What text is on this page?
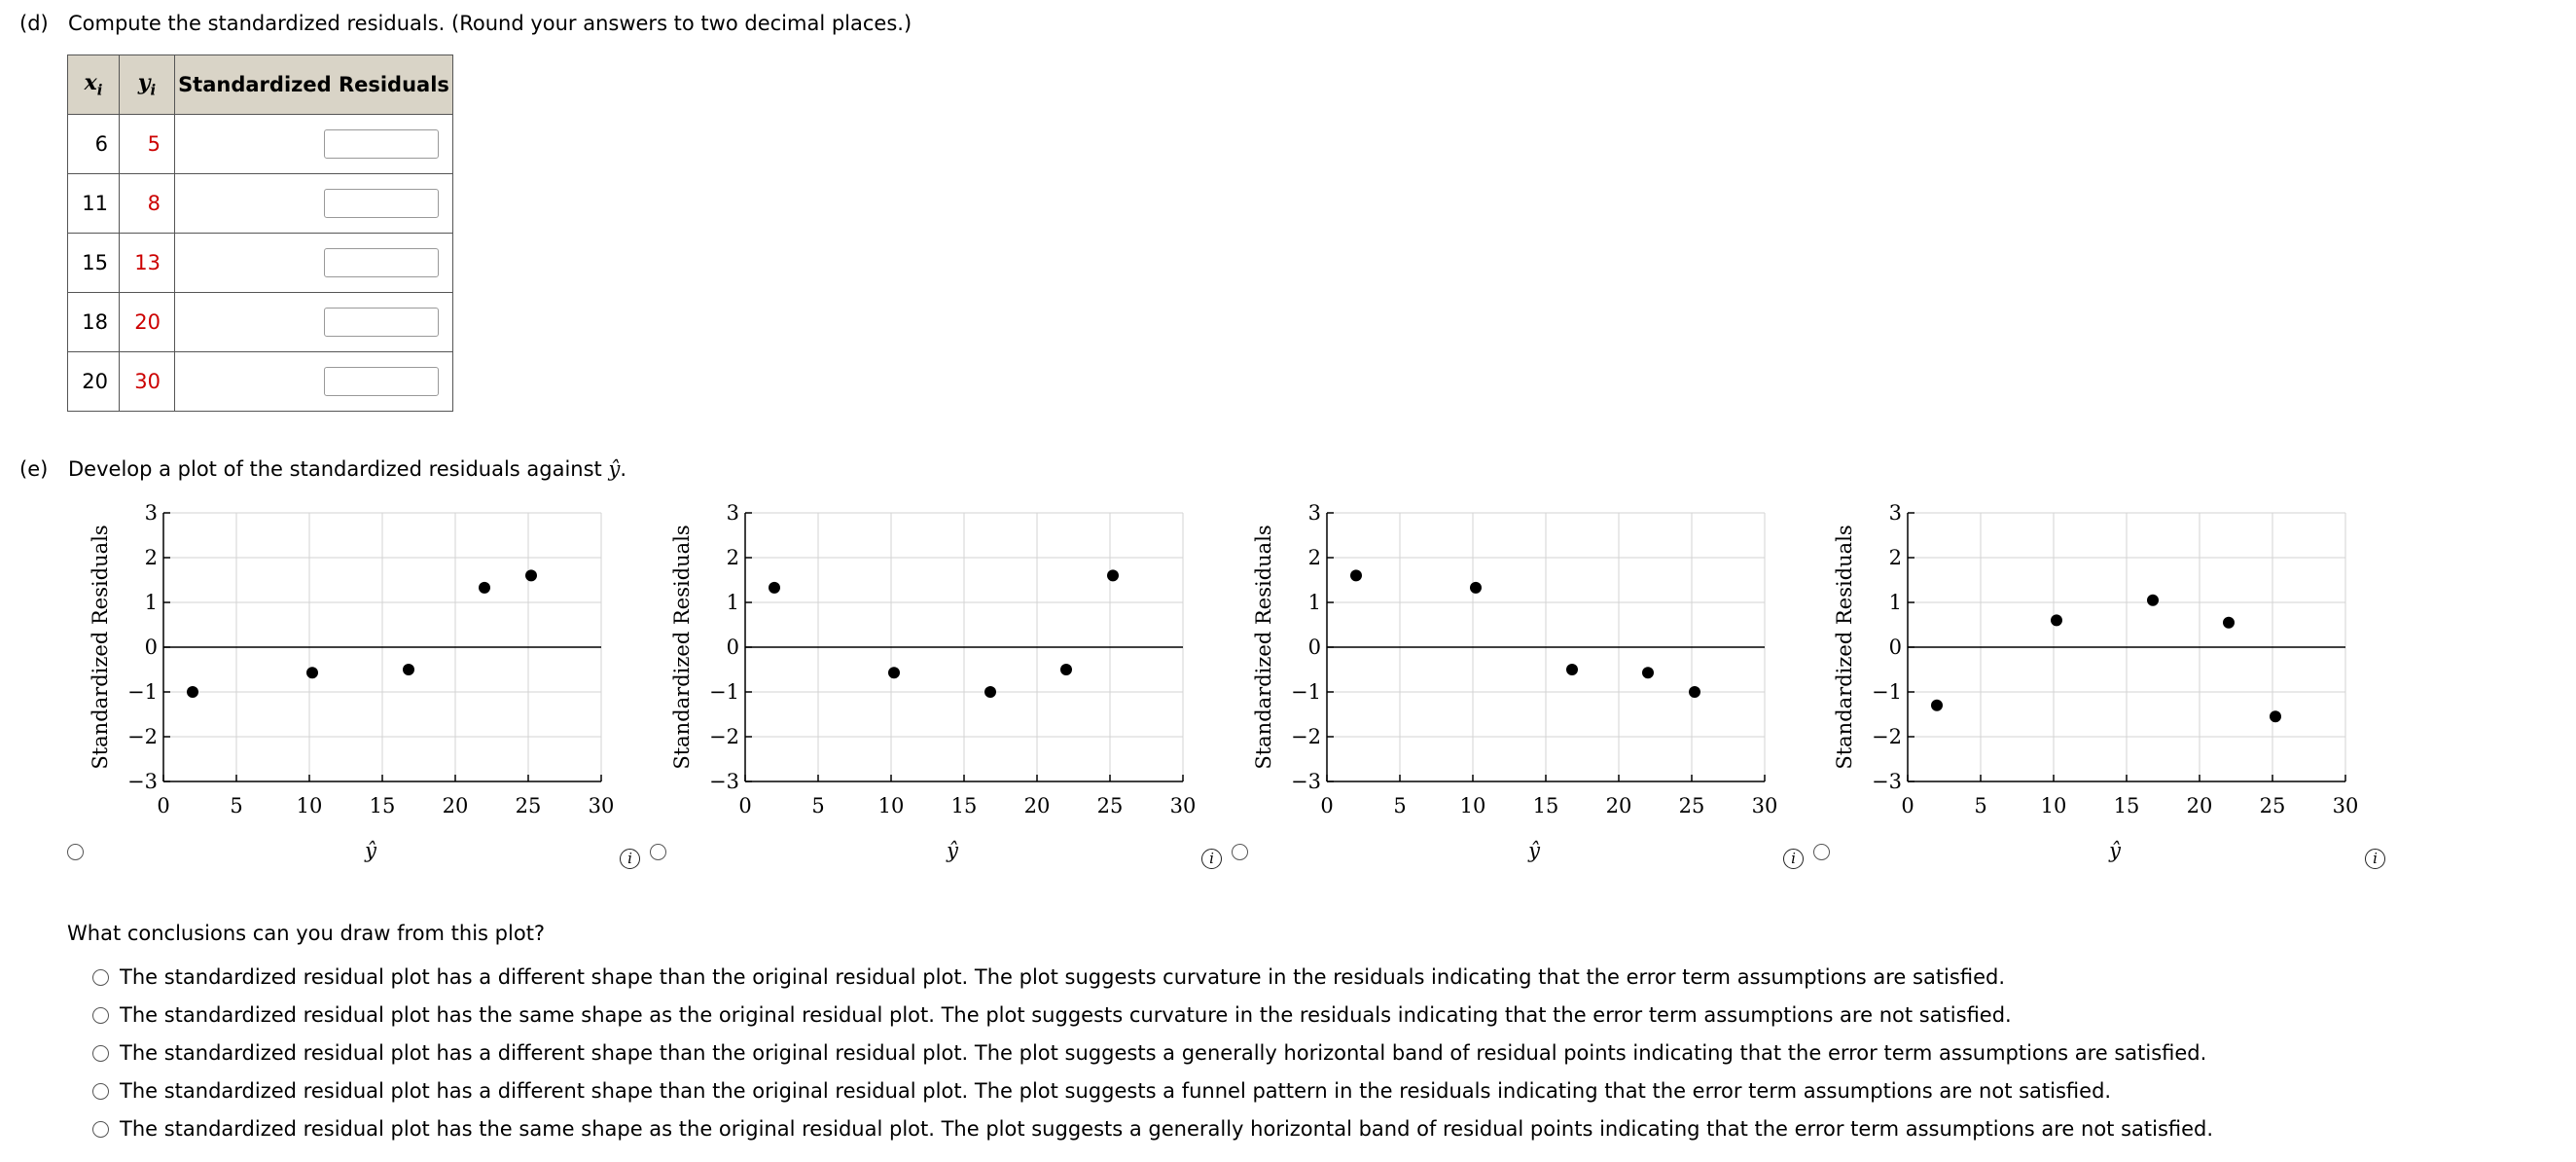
(d) Compute the standardized residuals. (Round your answers to two decimal places.)
$x_i$	$y_i$	Standardized Residuals
6	5	
11	8	
15	13	
18	20	
20	30	
(e) Develop a plot of the standardized residuals against ŷ.
0	5	10 15 20 25 30
3
2
1
0
−1
−2
−3
ŷ
Standardized Residuals
0	5	10 15 20 25 30
3
2
1
0
−1
−2
−3
ŷ
Standardized Residuals
0	5	10 15 20 25 30
3
2
1
0
−1
−2
−3
ŷ
Standardized Residuals
0	5	10 15 20 25 30
3
2
1
0
−1
−2
−3
ŷ
Standardized Residuals
i	i	i	i
What conclusions can you draw from this plot?
The standardized residual plot has a different shape than the original residual plot. The plot suggests curvature in the residuals indicating that the error term assumptions are satisfied.
The standardized residual plot has the same shape as the original residual plot. The plot suggests curvature in the residuals indicating that the error term assumptions are not satisfied.
The standardized residual plot has a different shape than the original residual plot. The plot suggests a generally horizontal band of residual points indicating that the error term assumptions are satisfied.
The standardized residual plot has a different shape than the original residual plot. The plot suggests a funnel pattern in the residuals indicating that the error term assumptions are not satisfied.
The standardized residual plot has the same shape as the original residual plot. The plot suggests a generally horizontal band of residual points indicating that the error term assumptions are not satisfied.
